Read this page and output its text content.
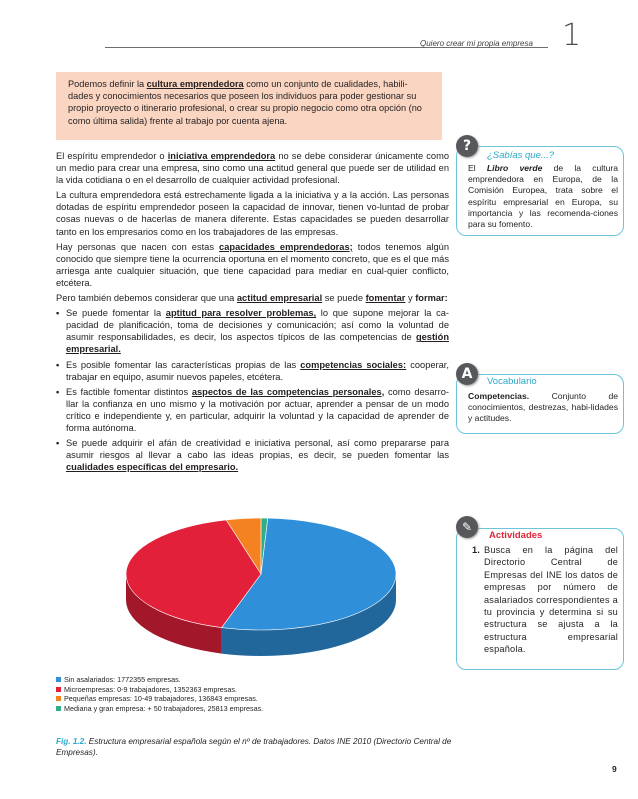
Quiero crear mi propia empresa 1
Podemos definir la cultura emprendedora como un conjunto de cualidades, habili-dades y conocimientos necesarios que poseen los individuos para poder gestionar su propio proyecto o itinerario profesional, o crear su propio negocio como otra opción (no como última salida) frente al trabajo por cuenta ajena.

El espíritu emprendedor o iniciativa emprendedora no se debe considerar únicamente como un medio para crear una empresa, sino como una actitud general que puede ser de utilidad en la vida cotidiana o en el desarrollo de cualquier actividad profesional.

La cultura emprendedora está estrechamente ligada a la iniciativa y a la acción. Las personas dotadas de espíritu emprendedor poseen la capacidad de innovar, tienen vo-luntad de probar cosas nuevas o de hacerlas de manera diferente. Estas capacidades se pueden desarrollar tanto en los empresarios como en los trabajadores de las empresas.

Hay personas que nacen con estas capacidades emprendedoras; todos tenemos algún conocido que siempre tiene la ocurrencia oportuna en el momento concreto, que es el que más arriesga ante cualquier situación, que tiene capacidad para mediar en cual-quier conflicto, etcétera.

Pero también debemos considerar que una actitud empresarial se puede fomentar y formar:

• Se puede fomentar la aptitud para resolver problemas, lo que supone mejorar la ca-pacidad de planificación, toma de decisiones y comunicación; así como la voluntad de asumir responsabilidades, es decir, los aspectos típicos de las competencias de gestión empresarial.
• Es posible fomentar las características propias de las competencias sociales: cooperar, trabajar en equipo, asumir nuevos papeles, etcétera.
• Es factible fomentar distintos aspectos de las competencias personales, como desarro-llar la confianza en uno mismo y la motivación por actuar, aprender a pensar de un modo crítico e independiente y, en particular, adquirir la voluntad y la capacidad de aprender de forma autónoma.
• Se puede adquirir el afán de creatividad e iniciativa personal, así como prepararse para asumir riesgos al llevar a cabo las ideas propias, es decir, se pueden fomentar las cualidades específicas del empresario.
?
¿Sabías que...?
El Libro verde de la cultura emprendedora en Europa, de la Comisión Europea, trata sobre el espíritu empresarial en Europa, su importancia y las recomenda-ciones para su fomento.
A	Vocabulario
Competencias. Conjunto de conocimientos, destrezas, habi-lidades y actitudes.
✎
Actividades
1. Busca en la página del Directorio Central de Empresas del INE los datos de empresas por número de asalariados correspondientes a tu provincia y determina si su estructura se ajusta a la estructura empresarial española.
Sin asalariados: 1772355 empresas.
Microempresas: 0-9 trabajadores, 1352363 empresas.
Pequeñas empresas: 10-49 trabajadores, 136843 empresas.
Mediana y gran empresa: + 50 trabajadores, 25813 empresas.
Fig. 1.2. Estructura empresarial española según el nº de trabajadores. Datos INE 2010 (Directorio Central de Empresas).
9
